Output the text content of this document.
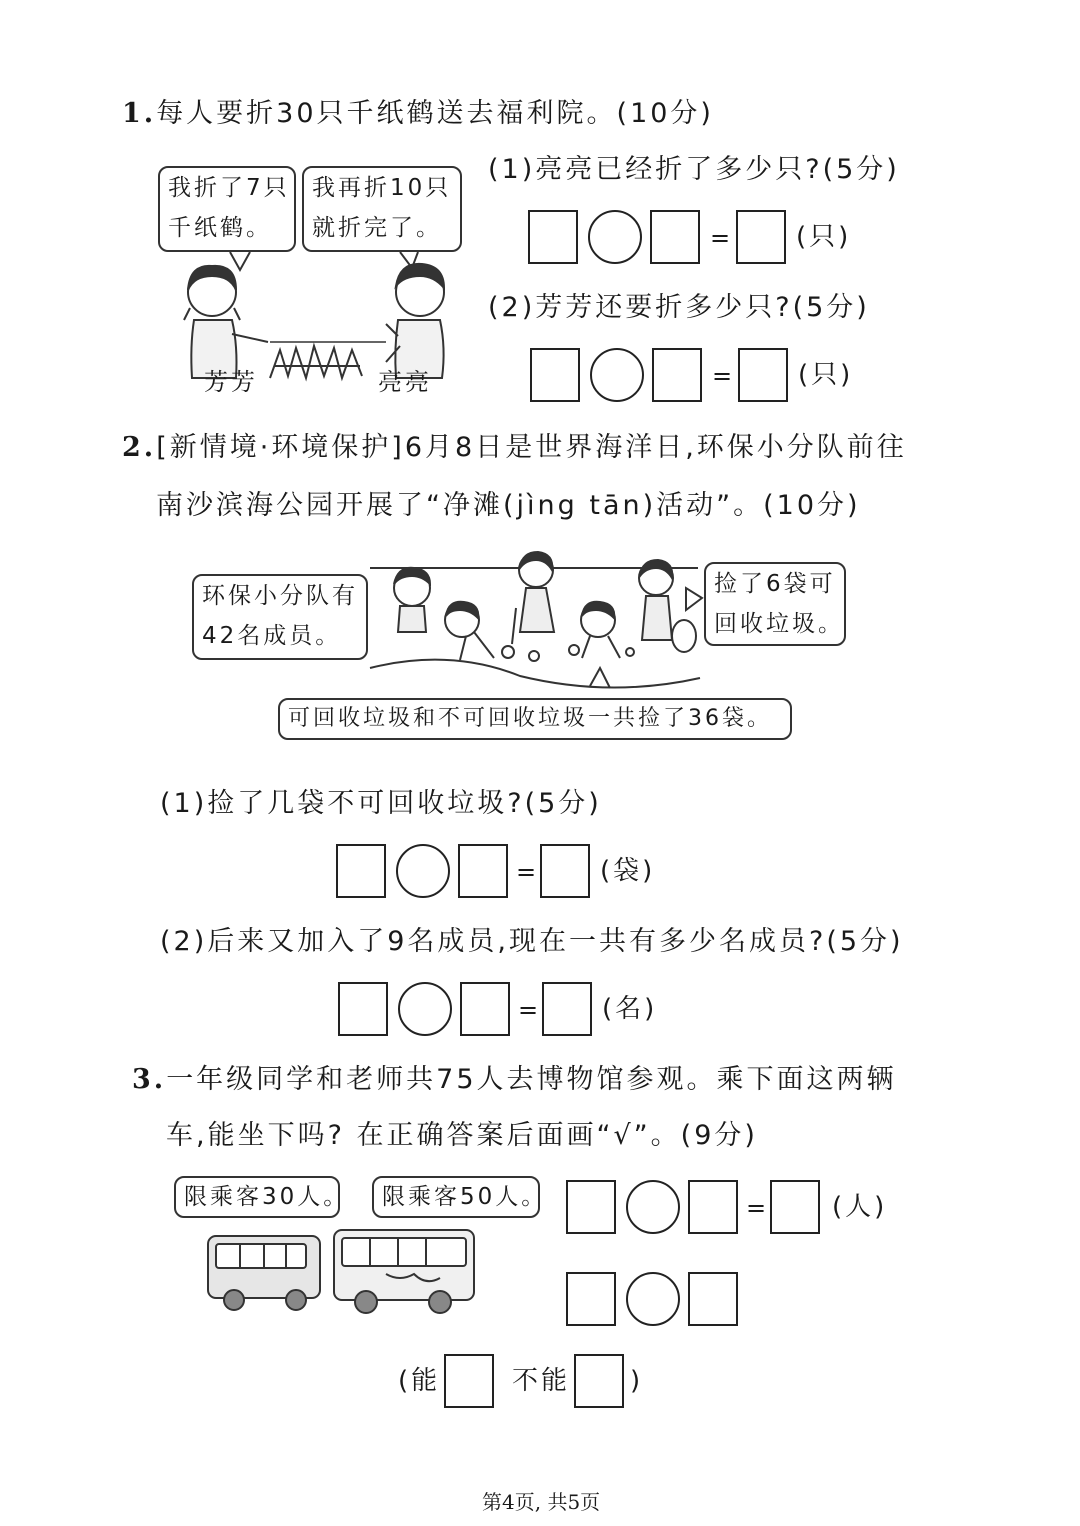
1.每人要折30只千纸鹤送去福利院。(10分)
我折了7只
千纸鹤。
我再折10只
就折完了。
芳芳	亮亮
(1)亮亮已经折了多少只?(5分)
=	(只)
(2)芳芳还要折多少只?(5分)
=	(只)
2.[新情境·环境保护]6月8日是世界海洋日,环保小分队前往
南沙滨海公园开展了“净滩(jìng tān)活动”。(10分)
环保小分队有
42名成员。
捡了6袋可
回收垃圾。
可回收垃圾和不可回收垃圾一共捡了36袋。
(1)捡了几袋不可回收垃圾?(5分)
= (袋)
(2)后来又加入了9名成员,现在一共有多少名成员?(5分)
= (名)
3.一年级同学和老师共75人去博物馆参观。乘下面这两辆
车,能坐下吗? 在正确答案后面画“√”。(9分)
限乘客30人。	限乘客50人。	=	(人)
(能	不能 )
第4页, 共5页
